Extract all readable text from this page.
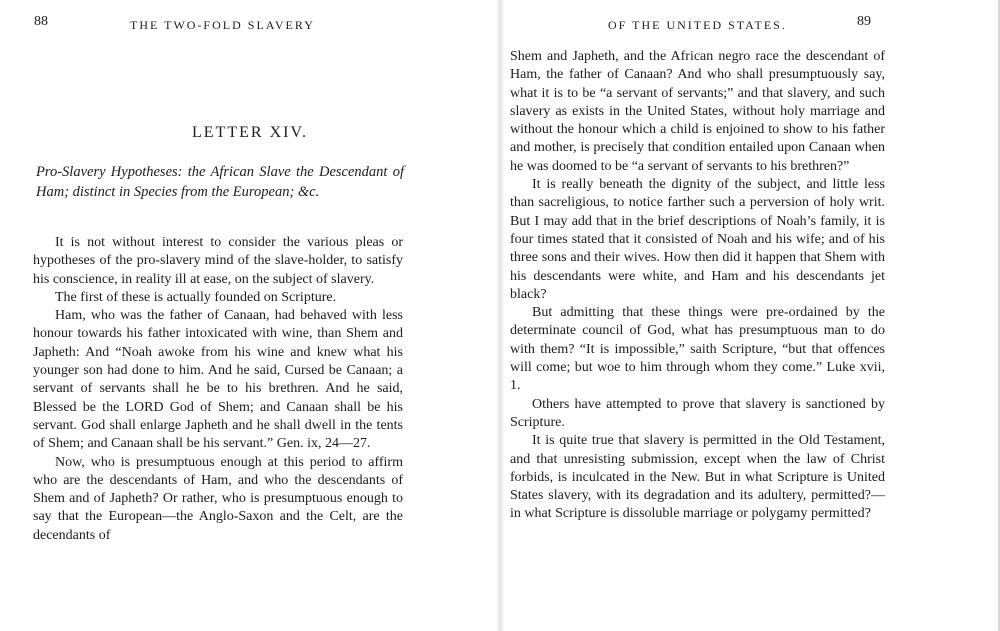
88	THE TWO-FOLD SLAVERY
LETTER XIV.
Pro-Slavery Hypotheses: the African Slave the Descendant of Ham; distinct in Species from the European; &c.

It is not without interest to consider the various pleas or hypotheses of the pro-slavery mind of the slave-holder, to satisfy his conscience, in reality ill at ease, on the subject of slavery.

The first of these is actually founded on Scripture.

Ham, who was the father of Canaan, had behaved with less honour towards his father intoxicated with wine, than Shem and Japheth: And “Noah awoke from his wine and knew what his younger son had done to him. And he said, Cursed be Canaan; a servant of servants shall he be to his brethren. And he said, Blessed be the LORD God of Shem; and Canaan shall be his servant. God shall enlarge Japheth and he shall dwell in the tents of Shem; and Canaan shall be his servant.” Gen. ix, 24—27.

Now, who is presumptuous enough at this period to affirm who are the descendants of Ham, and who the descendants of Shem and of Japheth? Or rather, who is presumptuous enough to say that the European—the Anglo-Saxon and the Celt, are the decendants of

OF THE UNITED STATES.	89

Shem and Japheth, and the African negro race the descendant of Ham, the father of Canaan? And who shall presumptuously say, what it is to be “a servant of servants;” and that slavery, and such slavery as exists in the United States, without holy marriage and without the honour which a child is enjoined to show to his father and mother, is precisely that condition entailed upon Canaan when he was doomed to be “a servant of servants to his brethren?”

It is really beneath the dignity of the subject, and little less than sacreligious, to notice farther such a perversion of holy writ. But I may add that in the brief descriptions of Noah’s family, it is four times stated that it consisted of Noah and his wife; and of his three sons and their wives. How then did it happen that Shem with his descendants were white, and Ham and his descendants jet black?

But admitting that these things were pre-ordained by the determinate council of God, what has presumptuous man to do with them? “It is impossible,” saith Scripture, “but that offences will come; but woe to him through whom they come.” Luke xvii, 1.

Others have attempted to prove that slavery is sanctioned by Scripture.

It is quite true that slavery is permitted in the Old Testament, and that unresisting submission, except when the law of Christ forbids, is inculcated in the New. But in what Scripture is United States slavery, with its degradation and its adultery, permitted?—in what Scripture is dissoluble marriage or polygamy permitted?
